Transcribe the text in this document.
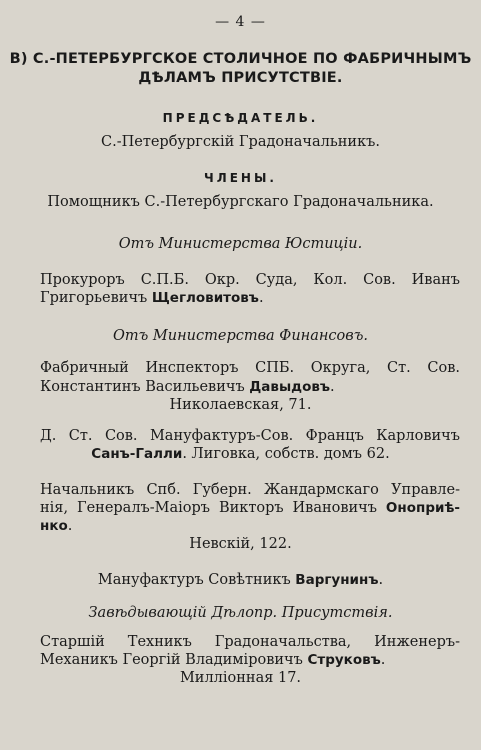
— 4 —
В) С.-ПЕТЕРБУРГСКОЕ СТОЛИЧНОЕ ПО ФАБРИЧНЫМЪ
ДѢЛАМЪ ПРИСУТСТВІЕ.
ПРЕДСѢДАТЕЛЬ.
С.-Петербургскій Градоначальникъ.
ЧЛЕНЫ.
Помощникъ С.-Петербургскаго Градоначальника.
Отъ Министерства Юстиціи.
Прокуроръ С.П.Б. Окр. Суда, Кол. Сов. Иванъ
Григорьевичъ Щегловитовъ.
Отъ Министерства Финансовъ.
Фабричный Инспекторъ СПБ. Округа, Ст. Сов.
Константинъ Васильевичъ Давыдовъ.
Николаевская, 71.
Д. Ст. Сов. Мануфактуръ-Сов. Францъ Карловичъ
Санъ-Галли. Лиговка, собств. домъ 62.
Начальникъ Спб. Губерн. Жандармскаго Управле-
нія, Генералъ-Маіоръ Викторъ Ивановичъ Оноприѣ-
нко.
Невскій, 122.
Мануфактуръ Совѣтникъ Варгунинъ.
Завѣдывающій Дѣлопр. Присутствія.
Старшій Техникъ Градоначальства, Инженеръ-
Механикъ Георгій Владиміровичъ Струковъ.
Милліонная 17.
